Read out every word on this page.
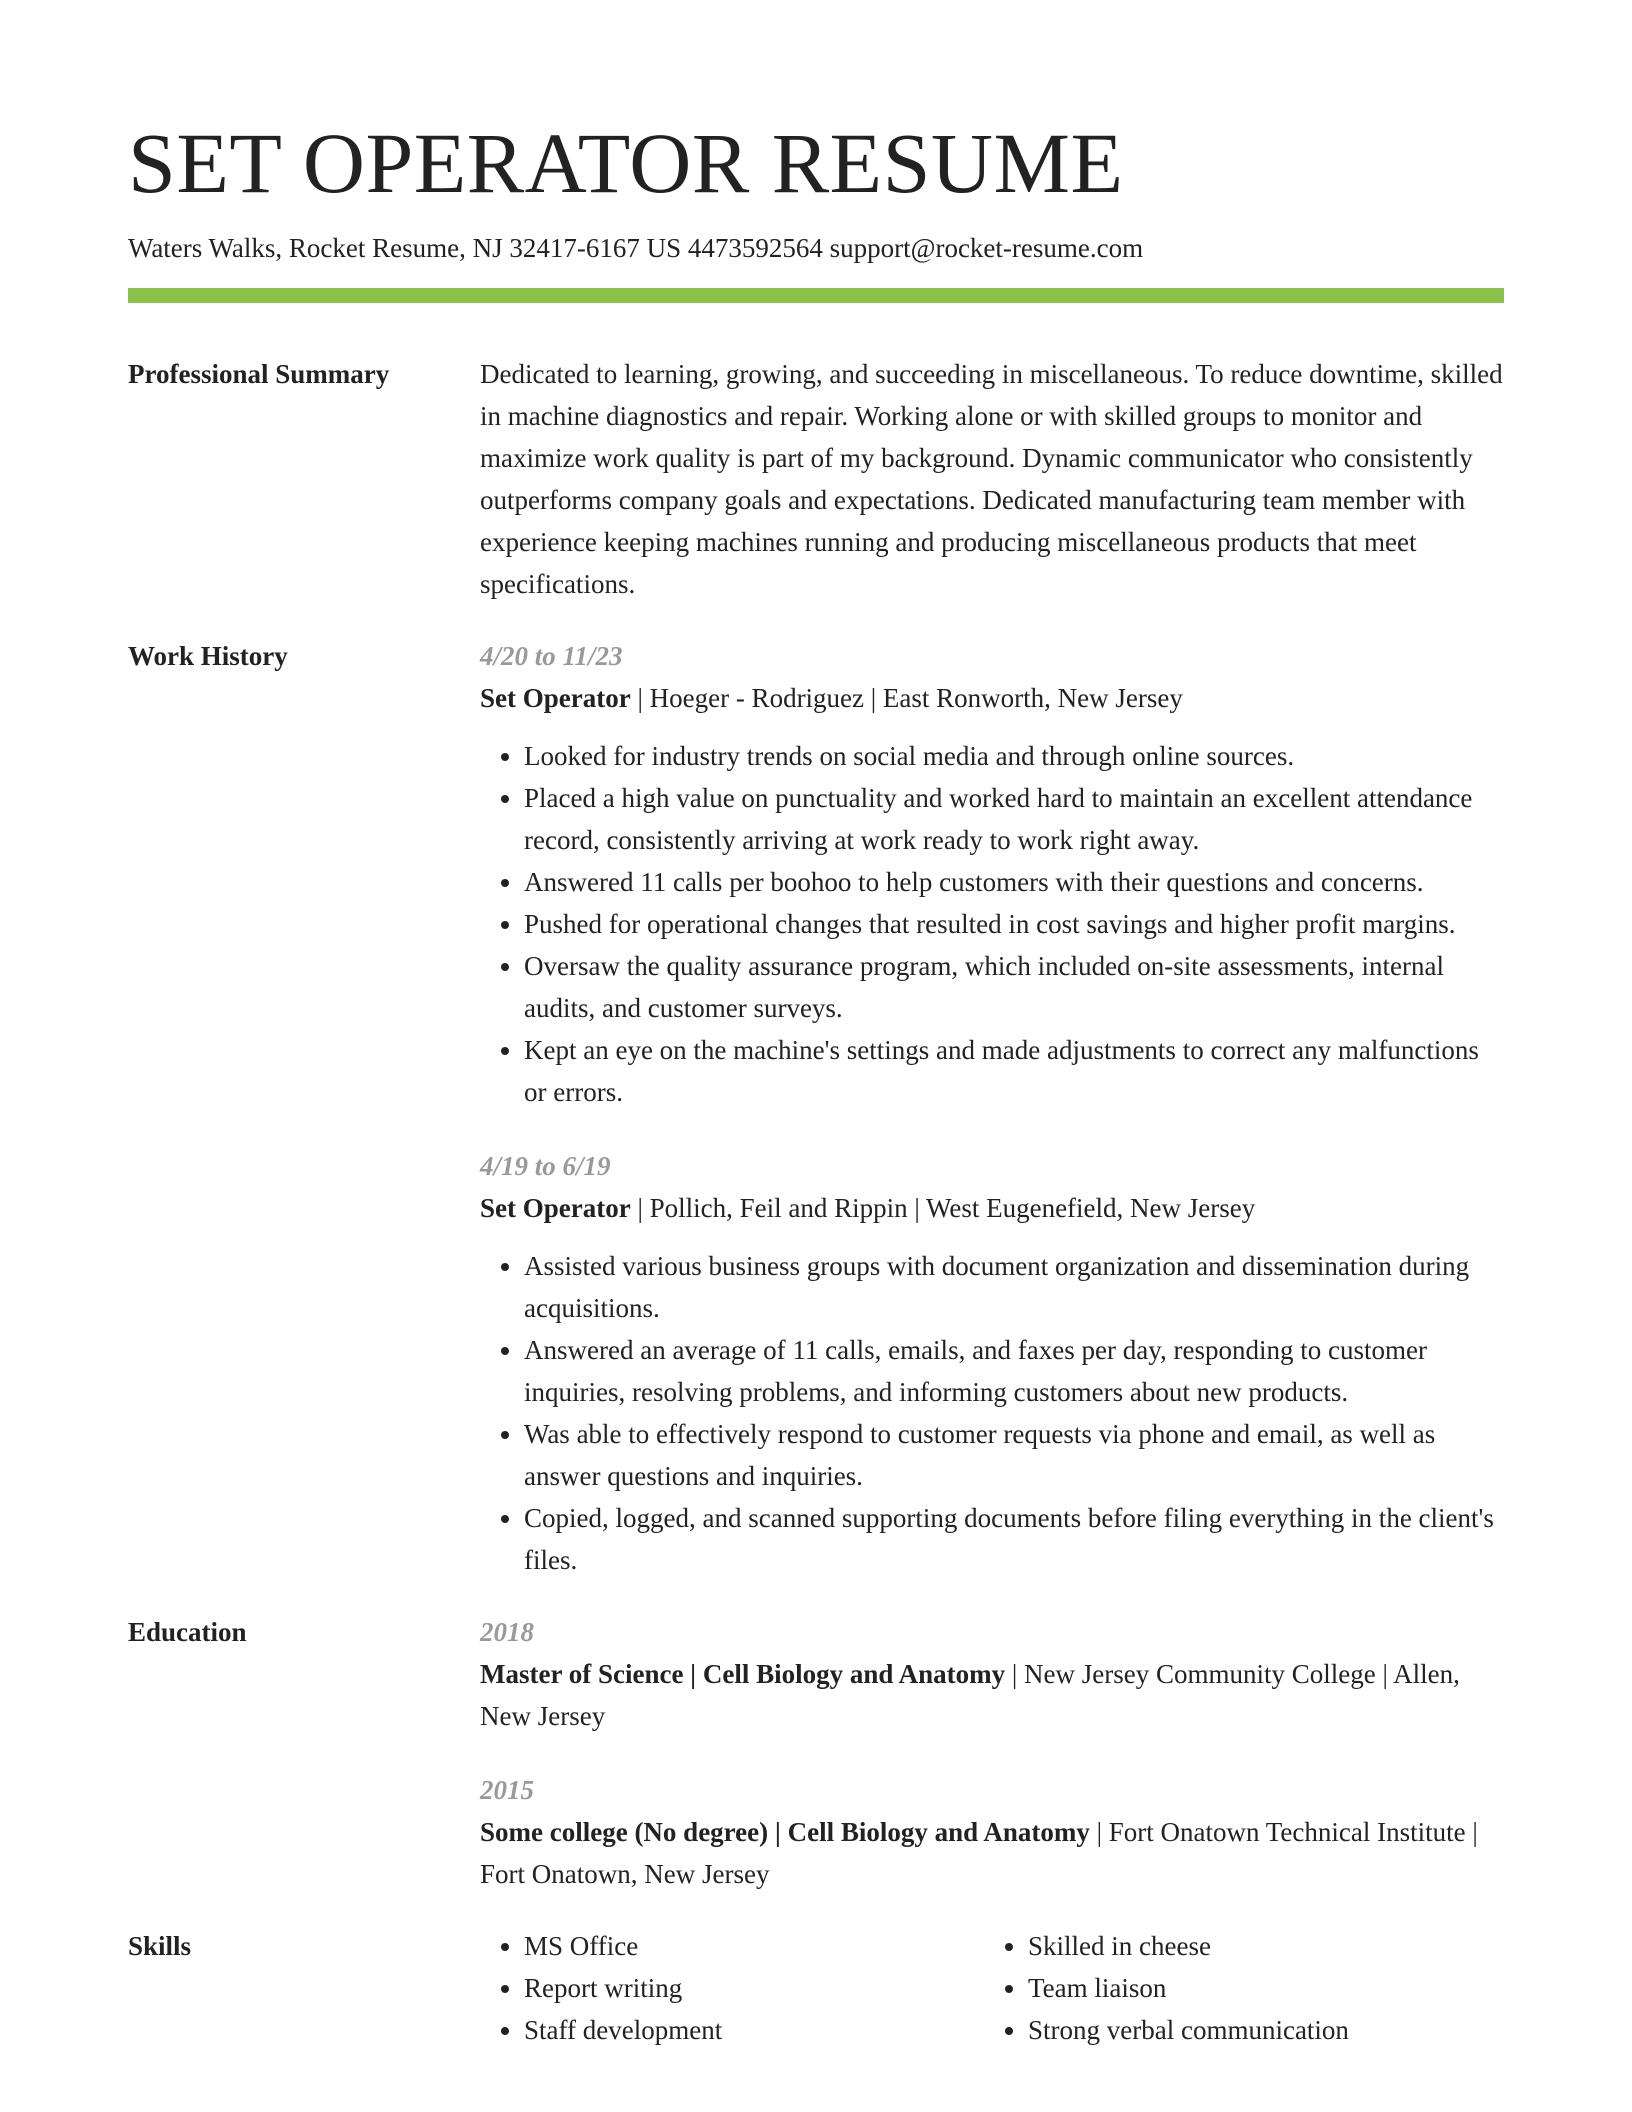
SET OPERATOR RESUME
Waters Walks, Rocket Resume, NJ 32417-6167 US 4473592564 support@rocket-resume.com
Professional Summary	Dedicated to learning, growing, and succeeding in miscellaneous. To reduce downtime, skilled in machine diagnostics and repair. Working alone or with skilled groups to monitor and maximize work quality is part of my background. Dynamic communicator who consistently outperforms company goals and expectations. Dedicated manufacturing team member with experience keeping machines running and producing miscellaneous products that meet specifications.

Work History	4/20 to 11/23
Set Operator | Hoeger - Rodriguez | East Ronworth, New Jersey
• Looked for industry trends on social media and through online sources.
• Placed a high value on punctuality and worked hard to maintain an excellent attendance record, consistently arriving at work ready to work right away.
• Answered 11 calls per boohoo to help customers with their questions and concerns.
• Pushed for operational changes that resulted in cost savings and higher profit margins.
• Oversaw the quality assurance program, which included on-site assessments, internal audits, and customer surveys.
• Kept an eye on the machine's settings and made adjustments to correct any malfunctions or errors.
4/19 to 6/19
Set Operator | Pollich, Feil and Rippin | West Eugenefield, New Jersey
• Assisted various business groups with document organization and dissemination during acquisitions.
• Answered an average of 11 calls, emails, and faxes per day, responding to customer inquiries, resolving problems, and informing customers about new products.
• Was able to effectively respond to customer requests via phone and email, as well as answer questions and inquiries.
• Copied, logged, and scanned supporting documents before filing everything in the client's files.
Education	2018
Master of Science | Cell Biology and Anatomy | New Jersey Community College | Allen, New Jersey
2015
Some college (No degree) | Cell Biology and Anatomy | Fort Onatown Technical Institute | Fort Onatown, New Jersey
Skills
•	MS Office
• Report writing
• Staff development
• Skilled in cheese
• Team liaison
• Strong verbal communication
